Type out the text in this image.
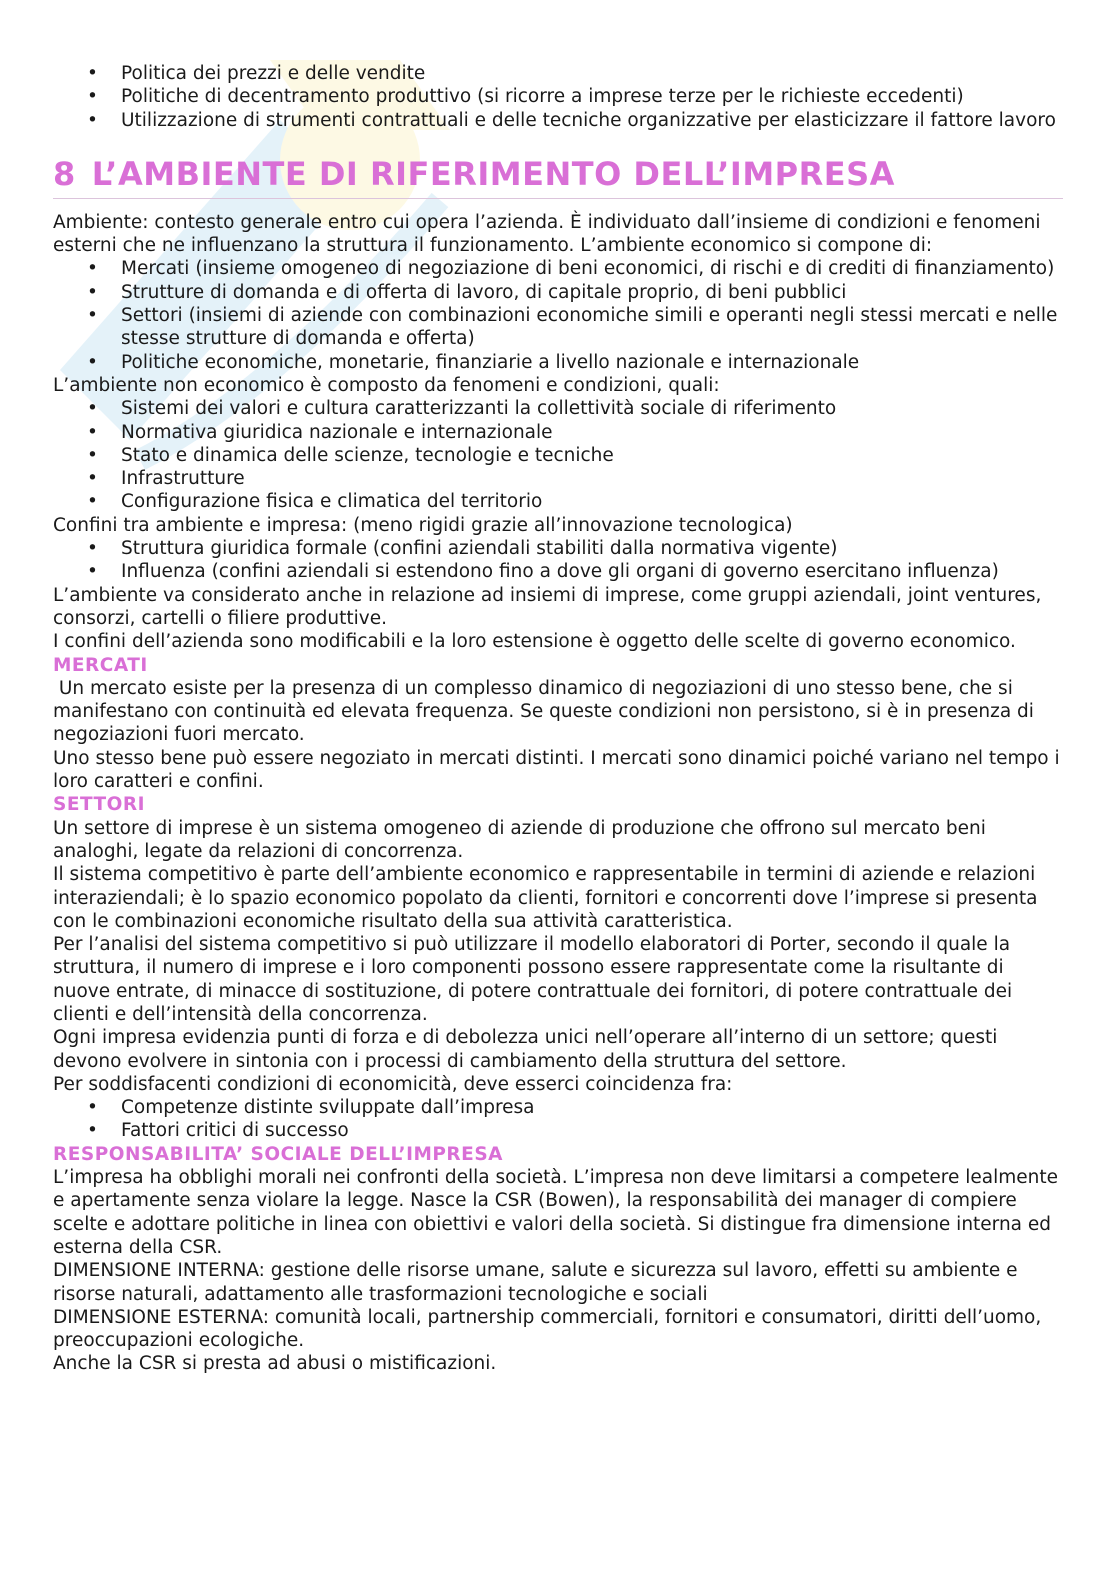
• Politica dei prezzi e delle vendite
• Politiche di decentramento produttivo (si ricorre a imprese terze per le richieste eccedenti)
• Utilizzazione di strumenti contrattuali e delle tecniche organizzative per elasticizzare il fattore lavoro
8 L’AMBIENTE DI RIFERIMENTO DELL’IMPRESA

Ambiente: contesto generale entro cui opera l’azienda. È individuato dall’insieme di condizioni e fenomeni esterni che ne influenzano la struttura il funzionamento. L’ambiente economico si compone di:

• Mercati (insieme omogeneo di negoziazione di beni economici, di rischi e di crediti di finanziamento)
• Strutture di domanda e di offerta di lavoro, di capitale proprio, di beni pubblici
• Settori (insiemi di aziende con combinazioni economiche simili e operanti negli stessi mercati e nelle stesse strutture di domanda e offerta)
• Politiche economiche, monetarie, finanziarie a livello nazionale e internazionale

L’ambiente non economico è composto da fenomeni e condizioni, quali:

• Sistemi dei valori e cultura caratterizzanti la collettività sociale di riferimento
• Normativa giuridica nazionale e internazionale
• Stato e dinamica delle scienze, tecnologie e tecniche
• Infrastrutture
• Configurazione fisica e climatica del territorio

Confini tra ambiente e impresa: (meno rigidi grazie all’innovazione tecnologica)

• Struttura giuridica formale (confini aziendali stabiliti dalla normativa vigente)
• Influenza (confini aziendali si estendono fino a dove gli organi di governo esercitano influenza)

L’ambiente va considerato anche in relazione ad insiemi di imprese, come gruppi aziendali, joint ventures, consorzi, cartelli o filiere produttive.

I confini dell’azienda sono modificabili e la loro estensione è oggetto delle scelte di governo economico.

MERCATI

Un mercato esiste per la presenza di un complesso dinamico di negoziazioni di uno stesso bene, che si manifestano con continuità ed elevata frequenza. Se queste condizioni non persistono, si è in presenza di negoziazioni fuori mercato.

Uno stesso bene può essere negoziato in mercati distinti. I mercati sono dinamici poiché variano nel tempo i loro caratteri e confini.

SETTORI

Un settore di imprese è un sistema omogeneo di aziende di produzione che offrono sul mercato beni analoghi, legate da relazioni di concorrenza.

Il sistema competitivo è parte dell’ambiente economico e rappresentabile in termini di aziende e relazioni interaziendali; è lo spazio economico popolato da clienti, fornitori e concorrenti dove l’imprese si presenta con le combinazioni economiche risultato della sua attività caratteristica.

Per l’analisi del sistema competitivo si può utilizzare il modello elaboratori di Porter, secondo il quale la struttura, il numero di imprese e i loro componenti possono essere rappresentate come la risultante di nuove entrate, di minacce di sostituzione, di potere contrattuale dei fornitori, di potere contrattuale dei clienti e dell’intensità della concorrenza.

Ogni impresa evidenzia punti di forza e di debolezza unici nell’operare all’interno di un settore; questi devono evolvere in sintonia con i processi di cambiamento della struttura del settore.

Per soddisfacenti condizioni di economicità, deve esserci coincidenza fra:

• Competenze distinte sviluppate dall’impresa
• Fattori critici di successo
RESPONSABILITA’ SOCIALE DELL’IMPRESA

L’impresa ha obblighi morali nei confronti della società. L’impresa non deve limitarsi a competere lealmente e apertamente senza violare la legge. Nasce la CSR (Bowen), la responsabilità dei manager di compiere scelte e adottare politiche in linea con obiettivi e valori della società. Si distingue fra dimensione interna ed esterna della CSR.

DIMENSIONE INTERNA: gestione delle risorse umane, salute e sicurezza sul lavoro, effetti su ambiente e risorse naturali, adattamento alle trasformazioni tecnologiche e sociali

DIMENSIONE ESTERNA: comunità locali, partnership commerciali, fornitori e consumatori, diritti dell’uomo, preoccupazioni ecologiche.

Anche la CSR si presta ad abusi o mistificazioni.
